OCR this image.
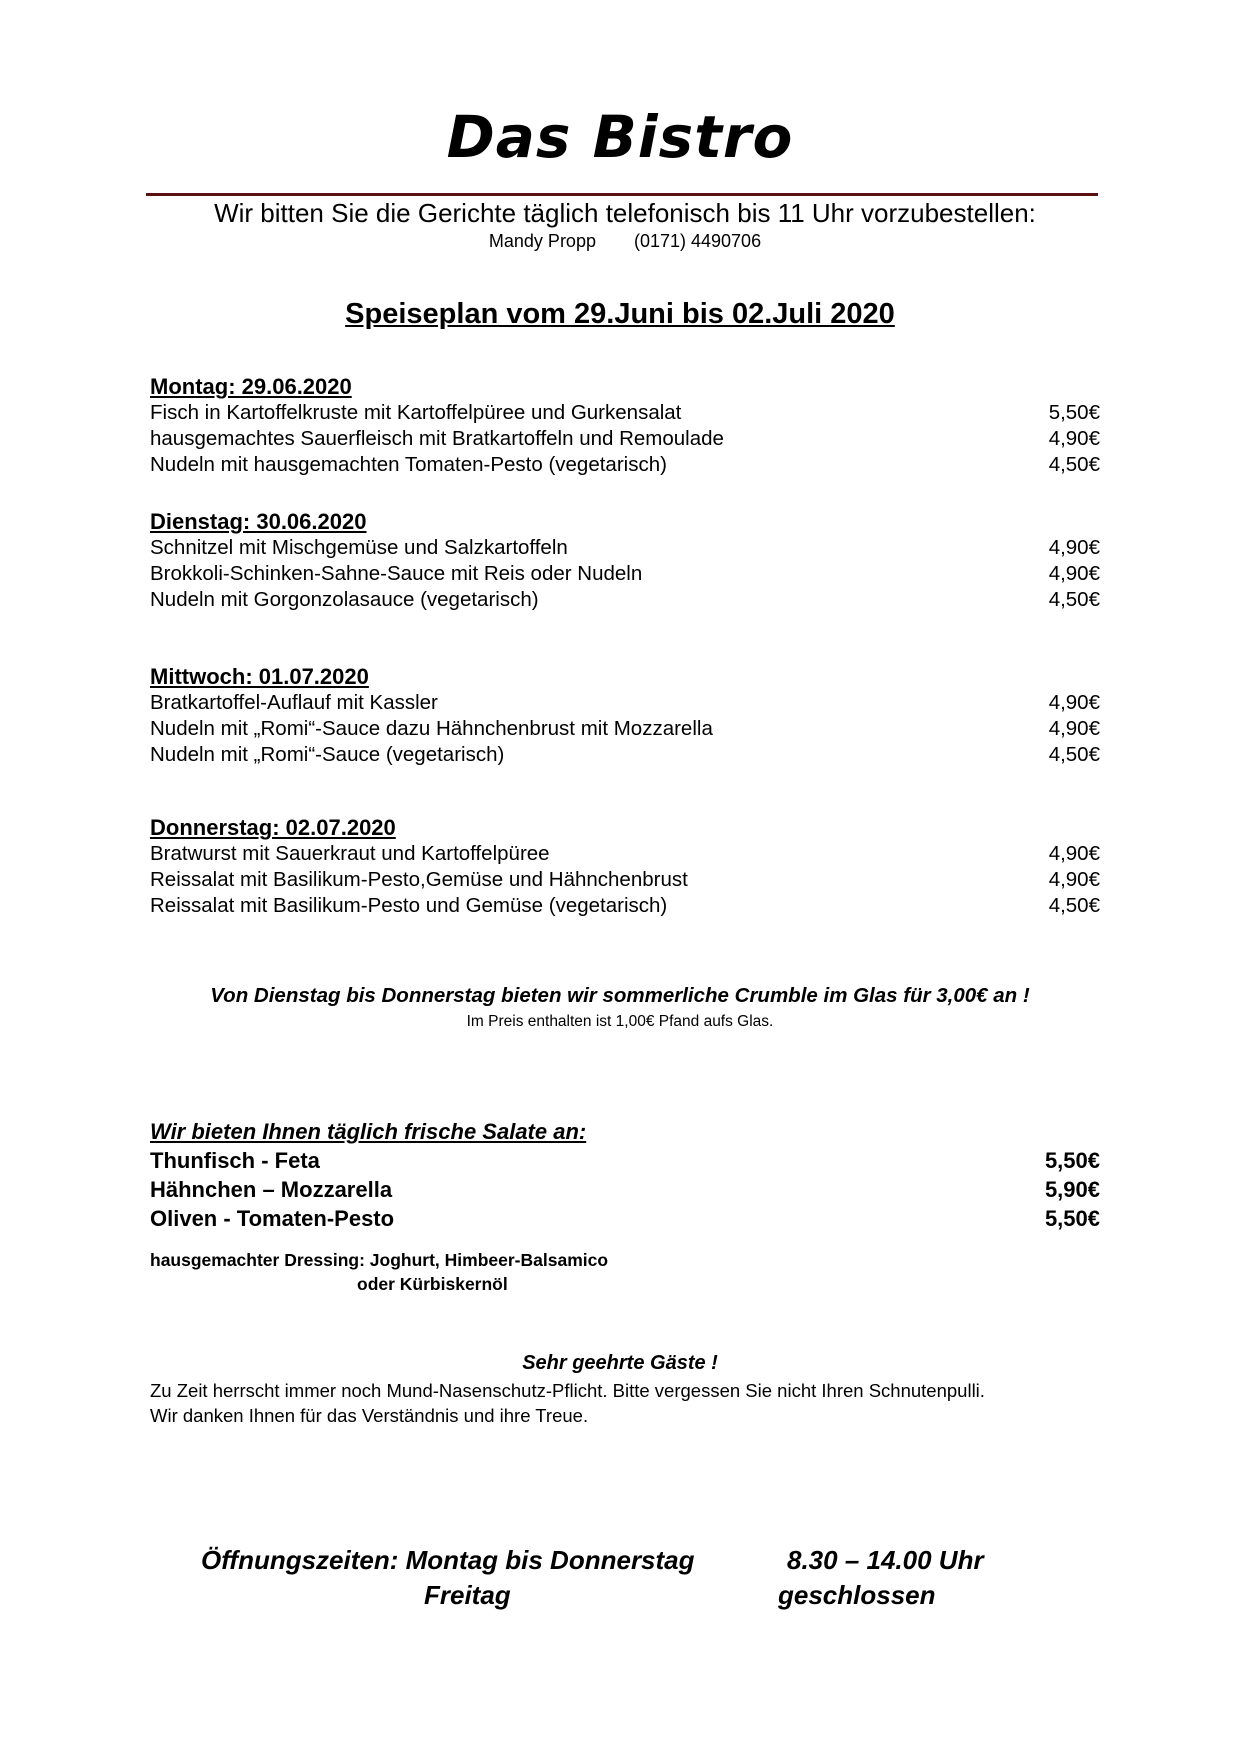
Das Bistro
Wir bitten Sie die Gerichte täglich telefonisch bis 11 Uhr vorzubestellen:
Mandy Propp (0171) 4490706
Speiseplan vom 29.Juni bis 02.Juli 2020
Montag: 29.06.2020
Fisch in Kartoffelkruste mit Kartoffelpüree und Gurkensalat	5,50€
hausgemachtes Sauerfleisch mit Bratkartoffeln und Remoulade	4,90€
Nudeln mit hausgemachten Tomaten-Pesto (vegetarisch)	4,50€
Dienstag: 30.06.2020
Schnitzel mit Mischgemüse und Salzkartoffeln	4,90€
Brokkoli-Schinken-Sahne-Sauce mit Reis oder Nudeln	4,90€
Nudeln mit Gorgonzolasauce (vegetarisch)	4,50€
Mittwoch: 01.07.2020
Bratkartoffel-Auflauf mit Kassler	4,90€
Nudeln mit „Romi“-Sauce dazu Hähnchenbrust mit Mozzarella	4,90€
Nudeln mit „Romi“-Sauce (vegetarisch)	4,50€
Donnerstag: 02.07.2020
Bratwurst mit Sauerkraut und Kartoffelpüree	4,90€
Reissalat mit Basilikum-Pesto,Gemüse und Hähnchenbrust	4,90€
Reissalat mit Basilikum-Pesto und Gemüse (vegetarisch)	4,50€
Von Dienstag bis Donnerstag bieten wir sommerliche Crumble im Glas für 3,00€ an !
Im Preis enthalten ist 1,00€ Pfand aufs Glas.
Wir bieten Ihnen täglich frische Salate an:
Thunfisch - Feta	5,50€
Hähnchen – Mozzarella	5,90€
Oliven - Tomaten-Pesto	5,50€
hausgemachter Dressing: Joghurt, Himbeer-Balsamico
oder Kürbiskernöl
Sehr geehrte Gäste !
Zu Zeit herrscht immer noch Mund-Nasenschutz-Pflicht. Bitte vergessen Sie nicht Ihren Schnutenpulli.
Wir danken Ihnen für das Verständnis und ihre Treue.
Öffnungszeiten: Montag bis Donnerstag	8.30 – 14.00 Uhr
Freitag	geschlossen
